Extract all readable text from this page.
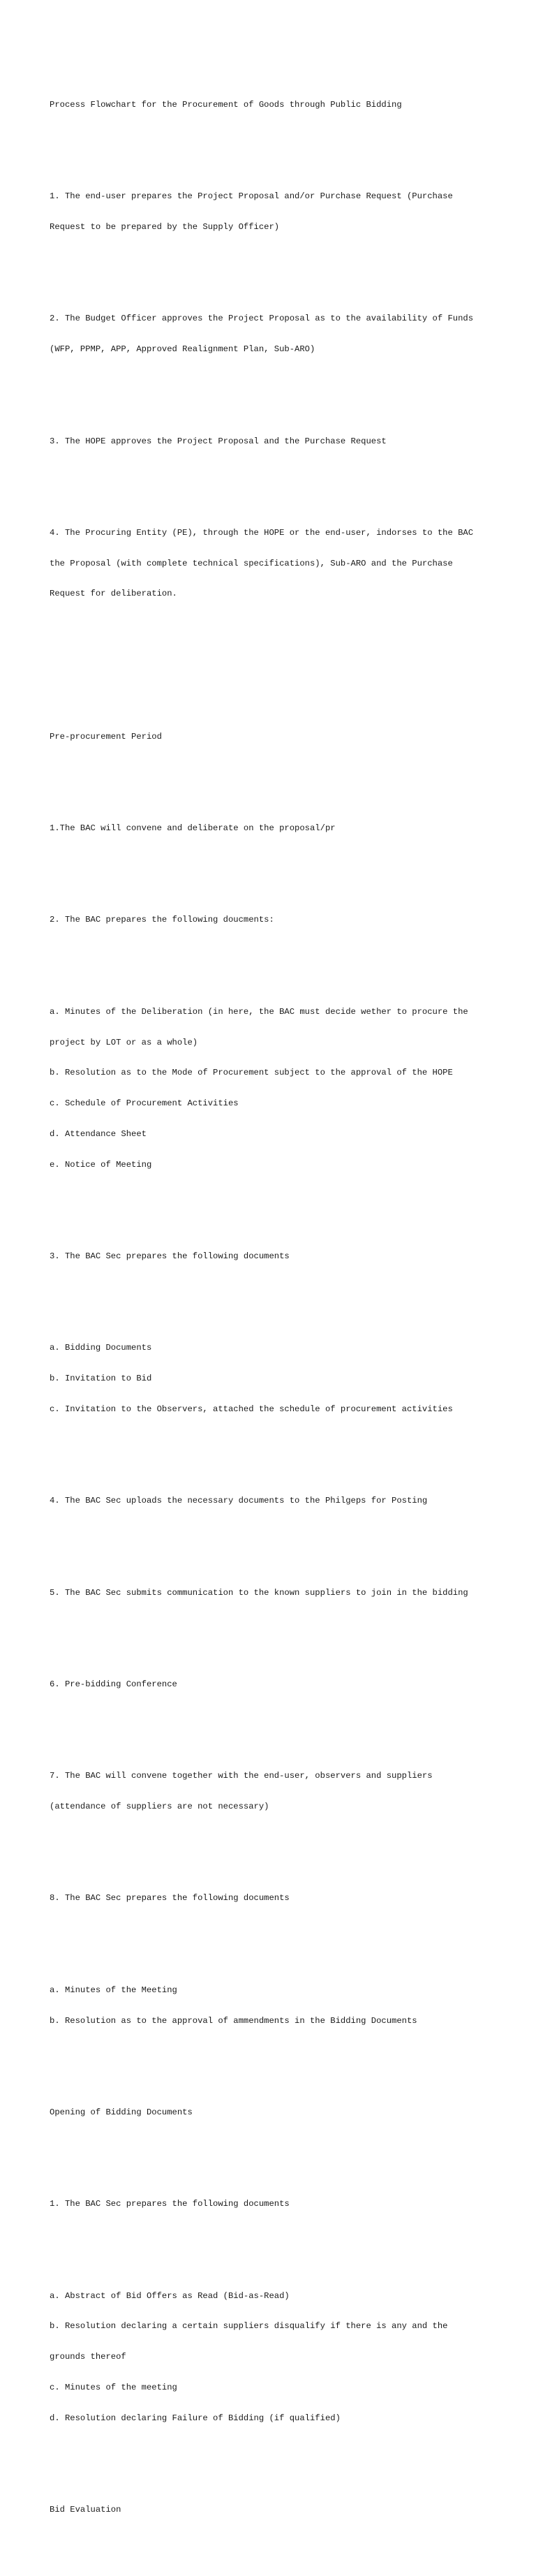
Process Flowchart for the Procurement of Goods through Public Bidding

1. The end-user prepares the Project Proposal and/or Purchase Request (Purchase

Request to be prepared by the Supply Officer)

2. The Budget Officer approves the Project Proposal as to the availability of Funds

(WFP, PPMP, APP, Approved Realignment Plan, Sub-ARO)

3. The HOPE approves the Project Proposal and the Purchase Request

4. The Procuring Entity (PE), through the HOPE or the end-user, indorses to the BAC

the Proposal (with complete technical specifications), Sub-ARO and the Purchase

Request for deliberation.

Pre-procurement Period

1.The BAC will convene and deliberate on the proposal/pr

2. The BAC prepares the following doucments:

a. Minutes of the Deliberation (in here, the BAC must decide wether to procure the

project by LOT or as a whole)

b. Resolution as to the Mode of Procurement subject to the approval of the HOPE

c. Schedule of Procurement Activities

d. Attendance Sheet

e. Notice of Meeting

3. The BAC Sec prepares the following documents

a. Bidding Documents

b. Invitation to Bid

c. Invitation to the Observers, attached the schedule of procurement activities

4. The BAC Sec uploads the necessary documents to the Philgeps for Posting

5. The BAC Sec submits communication to the known suppliers to join in the bidding

6. Pre-bidding Conference

7. The BAC will convene together with the end-user, observers and suppliers

(attendance of suppliers are not necessary)

8. The BAC Sec prepares the following documents

a. Minutes of the Meeting

b. Resolution as to the approval of ammendments in the Bidding Documents

Opening of Bidding Documents

1. The BAC Sec prepares the following documents

a. Abstract of Bid Offers as Read (Bid-as-Read)

b. Resolution declaring a certain suppliers disqualify if there is any and the

grounds thereof

c. Minutes of the meeting

d. Resolution declaring Failure of Bidding (if qualified)

Bid Evaluation
